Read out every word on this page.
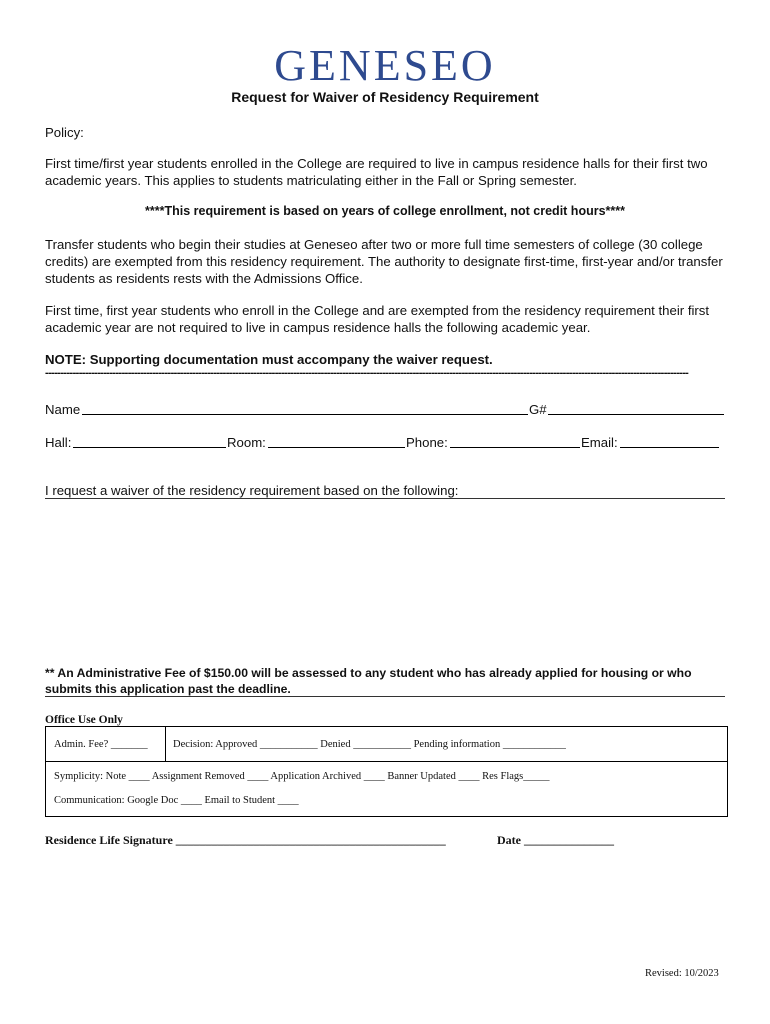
GENESEO
Request for Waiver of Residency Requirement
Policy:
First time/first year students enrolled in the College are required to live in campus residence halls for their first two academic years. This applies to students matriculating either in the Fall or Spring semester.
****This requirement is based on years of college enrollment, not credit hours****
Transfer students who begin their studies at Geneseo after two or more full time semesters of college (30 college credits) are exempted from this residency requirement. The authority to designate first-time, first-year and/or transfer students as residents rests with the Admissions Office.
First time, first year students who enroll in the College and are exempted from the residency requirement their first academic year are not required to live in campus residence halls the following academic year.
NOTE: Supporting documentation must accompany the waiver request.
------------------------------------------------------------------------------------------------------------------------------------------------------------------------------------------------------------------
Name	G#
Hall:	Room:	Phone:	Email:
I request a waiver of the residency requirement based on the following:
** An Administrative Fee of $150.00 will be assessed to any student who has already applied for housing or who submits this application past the deadline.
Office Use Only
Admin. Fee? _______ Decision: Approved ___________ Denied ___________ Pending information ____________
Symplicity: Note ____ Assignment Removed ____ Application Archived ____ Banner Updated ____ Res Flags_____
Communication: Google Doc ____ Email to Student ____
Residence Life Signature _____________________________________________	Date _______________
Revised: 10/2023
